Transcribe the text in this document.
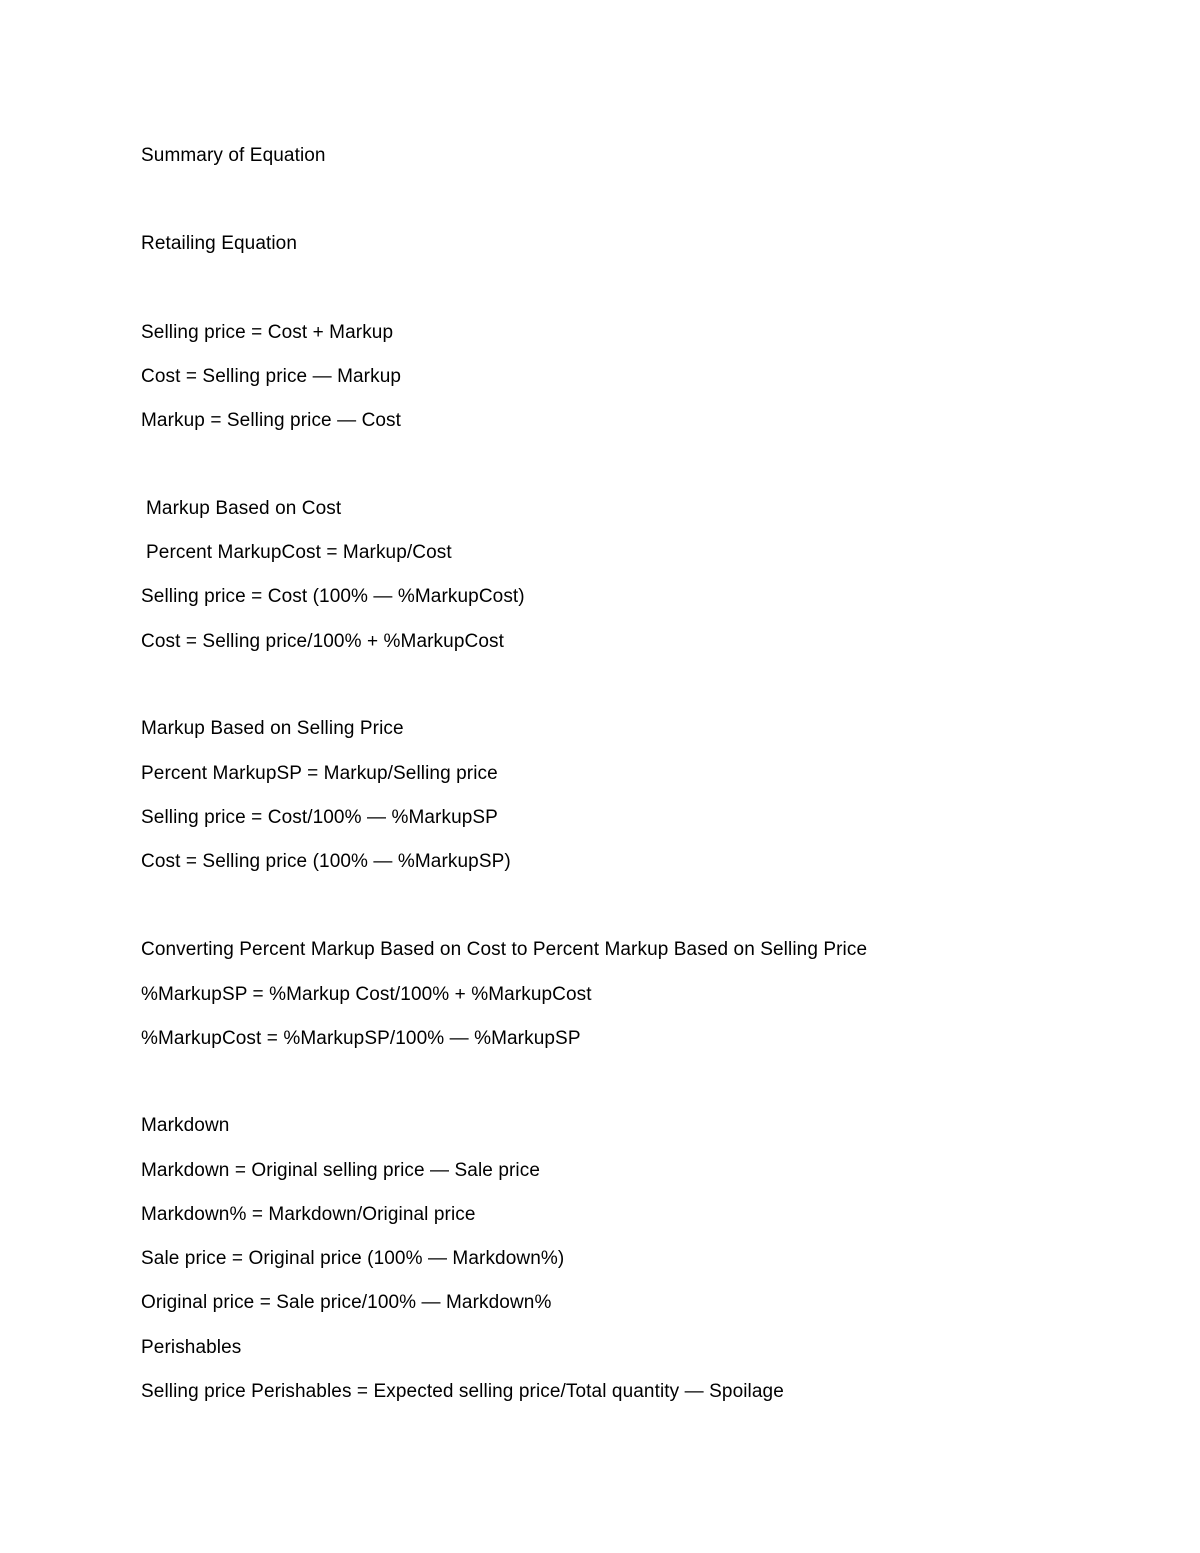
Summary of Equation
Retailing Equation
Selling price = Cost + Markup
Cost = Selling price — Markup
Markup = Selling price — Cost
Markup Based on Cost
Percent MarkupCost = Markup/Cost
Selling price = Cost (100% — %MarkupCost)
Cost = Selling price/100% + %MarkupCost
Markup Based on Selling Price
Percent MarkupSP = Markup/Selling price
Selling price = Cost/100% — %MarkupSP
Cost = Selling price (100% — %MarkupSP)
Converting Percent Markup Based on Cost to Percent Markup Based on Selling Price
%MarkupSP = %Markup Cost/100% + %MarkupCost
%MarkupCost = %MarkupSP/100% — %MarkupSP
Markdown
Markdown = Original selling price — Sale price
Markdown% = Markdown/Original price
Sale price = Original price (100% — Markdown%)
Original price = Sale price/100% — Markdown%
Perishables
Selling price Perishables = Expected selling price/Total quantity — Spoilage
